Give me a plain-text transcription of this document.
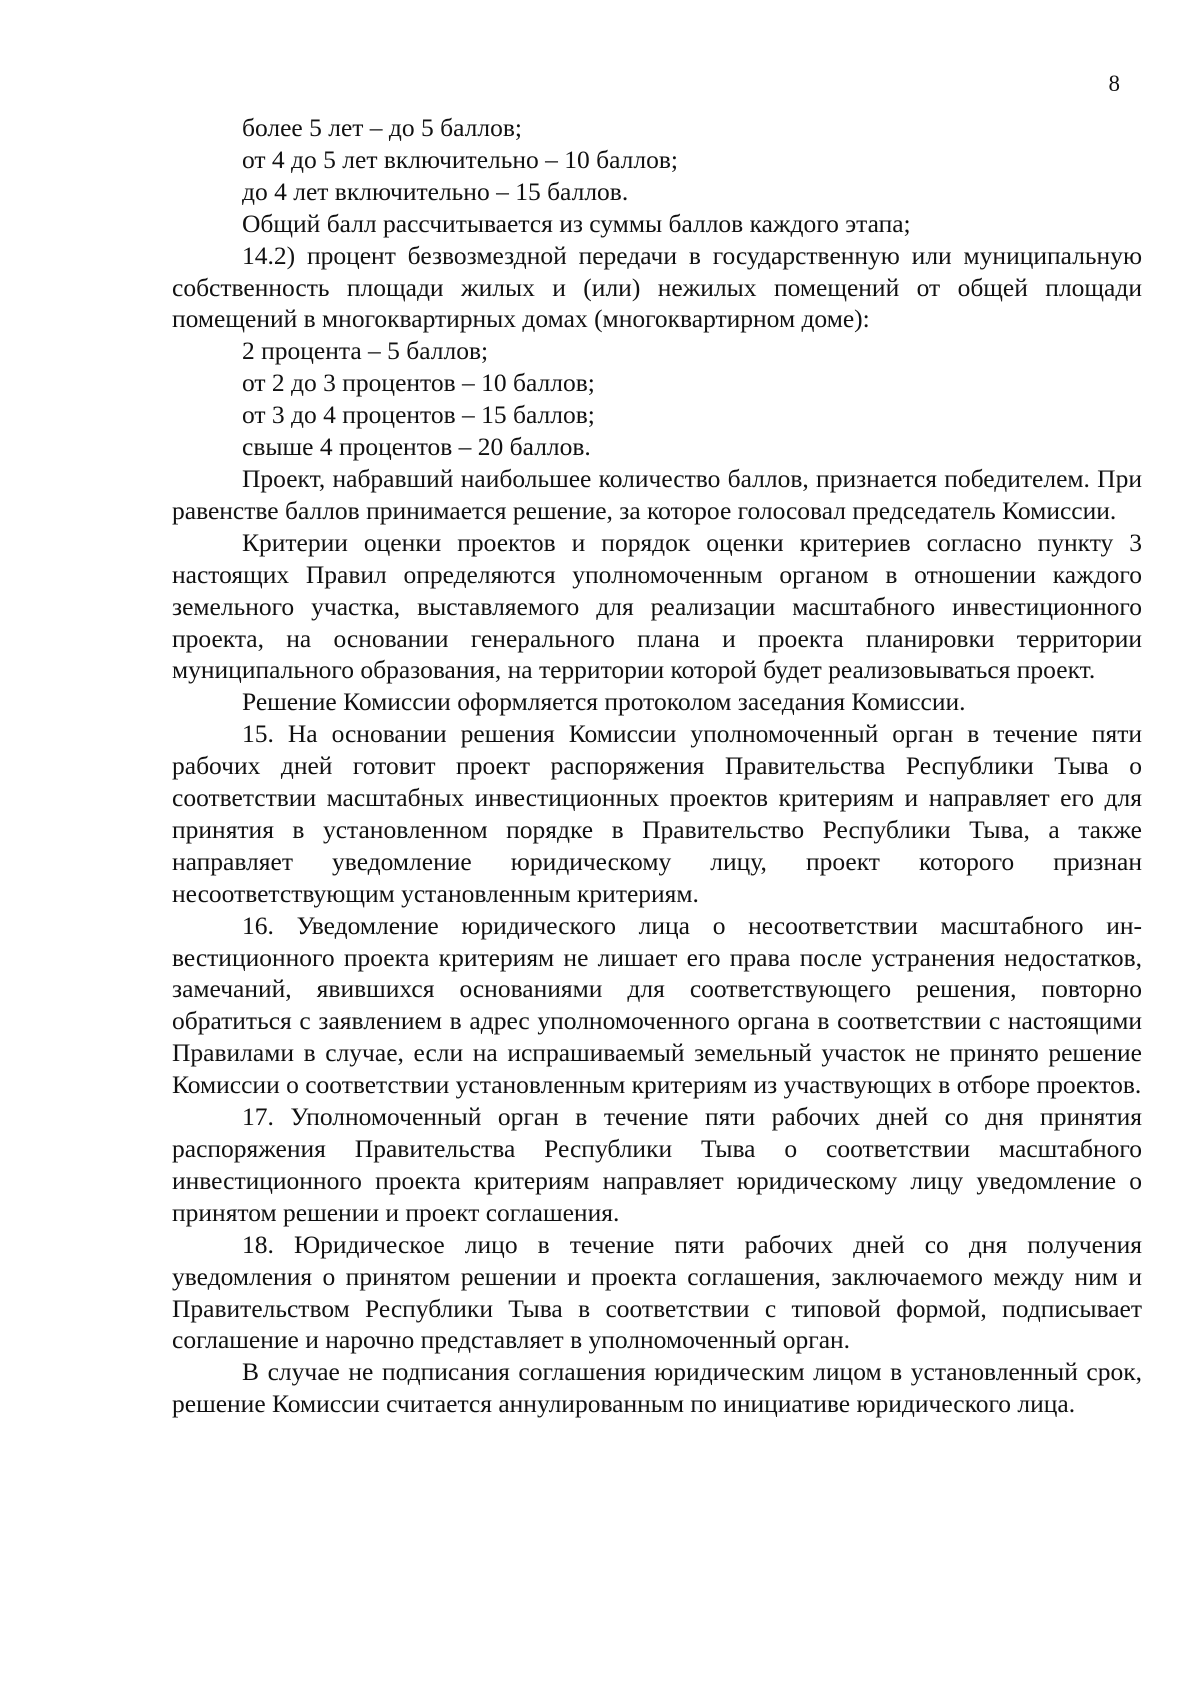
8

более 5 лет – до 5 баллов;

от 4 до 5 лет включительно – 10 баллов;

до 4 лет включительно – 15 баллов.

Общий балл рассчитывается из суммы баллов каждого этапа;

14.2) процент безвозмездной передачи в государственную или муниципальную собственность площади жилых и (или) нежилых помещений от общей площади помещений в многоквартирных домах (многоквартирном доме):

2 процента – 5 баллов;

от 2 до 3 процентов – 10 баллов;

от 3 до 4 процентов – 15 баллов;

свыше 4 процентов – 20 баллов.

Проект, набравший наибольшее количество баллов, признается победителем. При равенстве баллов принимается решение, за которое голосовал председатель Комиссии.

Критерии оценки проектов и порядок оценки критериев согласно пункту 3 настоящих Правил определяются уполномоченным органом в отношении каждого земельного участка, выставляемого для реализации масштабного инвестиционного проекта, на основании генерального плана и проекта планировки территории муниципального образования, на территории которой будет реализовываться проект.

Решение Комиссии оформляется протоколом заседания Комиссии.

15. На основании решения Комиссии уполномоченный орган в течение пяти рабочих дней готовит проект распоряжения Правительства Республики Тыва о соответствии масштабных инвестиционных проектов критериям и направляет его для принятия в установленном порядке в Правительство Республики Тыва, а также направляет уведомление юридическому лицу, проект которого признан несоответствующим установленным критериям.

16. Уведомление юридического лица о несоответствии масштабного инвестиционного проекта критериям не лишает его права после устранения недостатков, замечаний, явившихся основаниями для соответствующего решения, повторно обратиться с заявлением в адрес уполномоченного органа в соответствии с настоящими Правилами в случае, если на испрашиваемый земельный участок не принято решение Комиссии о соответствии установленным критериям из участвующих в отборе проектов.

17. Уполномоченный орган в течение пяти рабочих дней со дня принятия распоряжения Правительства Республики Тыва о соответствии масштабного инвестиционного проекта критериям направляет юридическому лицу уведомление о принятом решении и проект соглашения.

18. Юридическое лицо в течение пяти рабочих дней со дня получения уведомления о принятом решении и проекта соглашения, заключаемого между ним и Правительством Республики Тыва в соответствии с типовой формой, подписывает соглашение и нарочно представляет в уполномоченный орган.

В случае не подписания соглашения юридическим лицом в установленный срок, решение Комиссии считается аннулированным по инициативе юридического лица.
